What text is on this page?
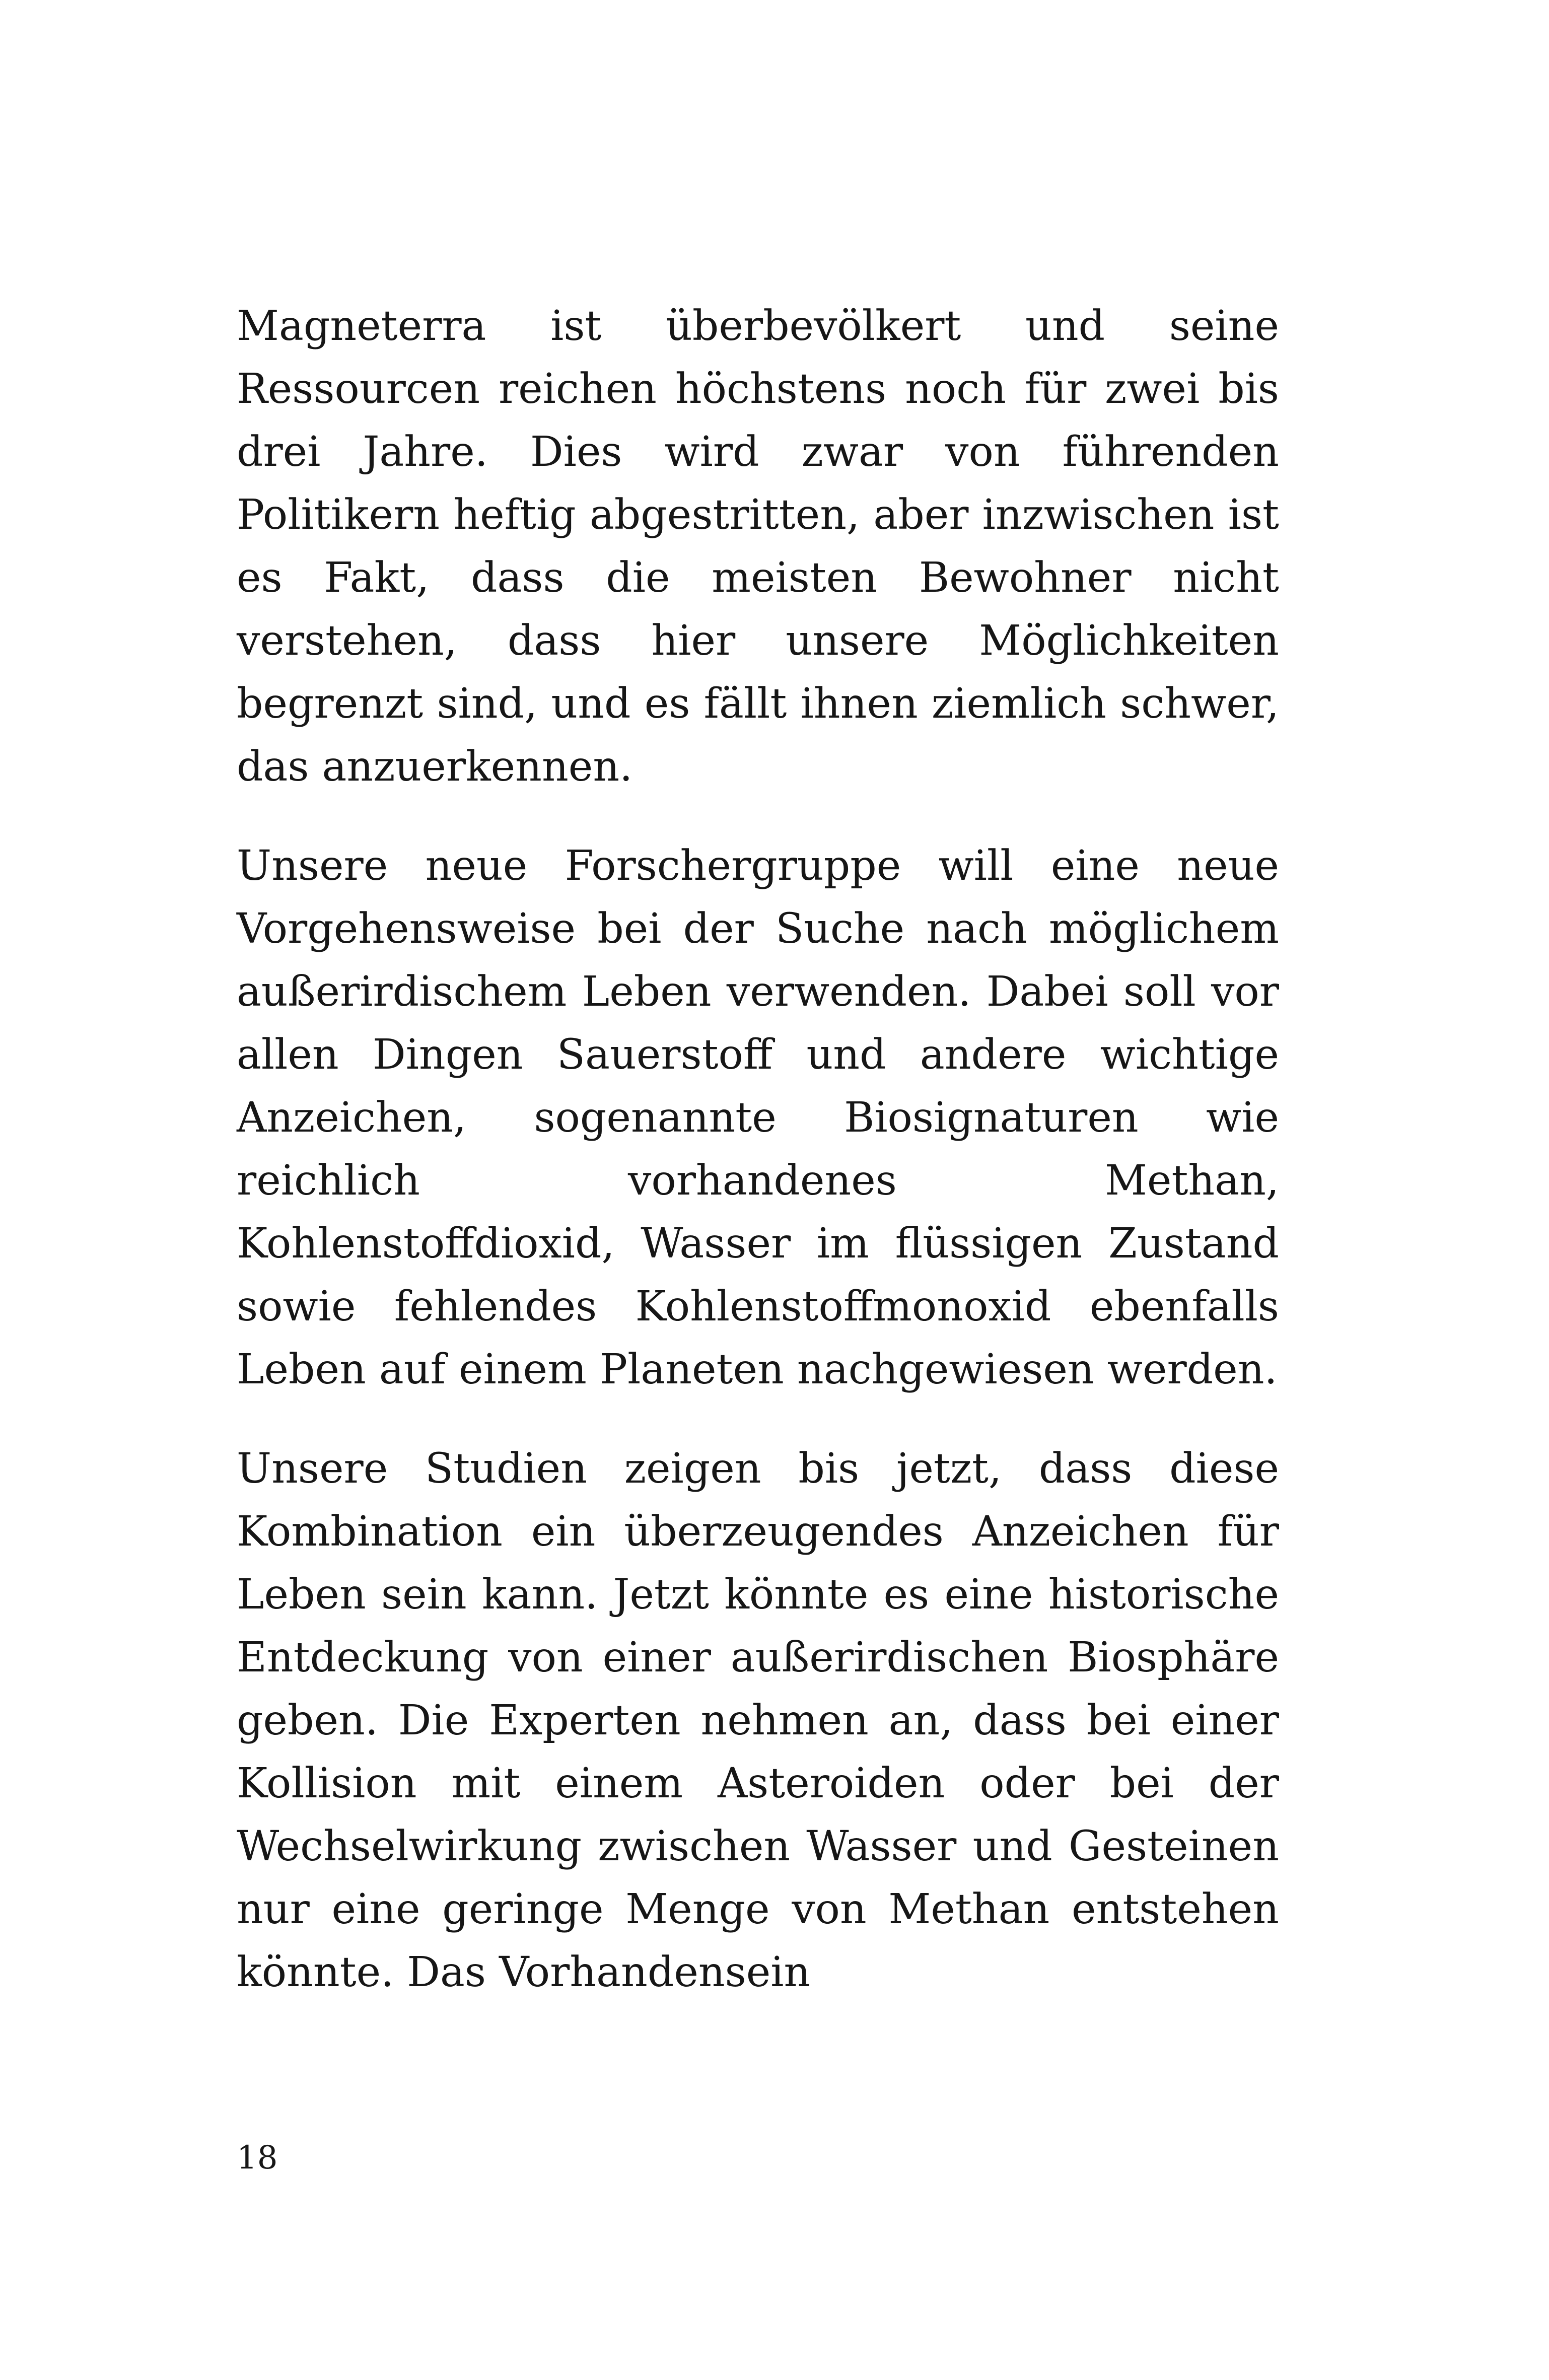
Magneterra ist überbevölkert und seine Ressourcen reichen höchstens noch für zwei bis drei Jahre. Dies wird zwar von führenden Politikern heftig abgestritten, aber inzwischen ist es Fakt, dass die meisten Bewohner nicht verstehen, dass hier unsere Möglichkeiten begrenzt sind, und es fällt ihnen ziemlich schwer, das anzuerkennen.

Unsere neue Forschergruppe will eine neue Vorgehensweise bei der Suche nach möglichem außerirdischem Leben verwenden. Dabei soll vor allen Dingen Sauerstoff und andere wichtige Anzeichen, sogenannte Biosignaturen wie reichlich vorhandenes Methan, Kohlenstoffdioxid, Wasser im flüssigen Zustand sowie fehlendes Kohlenstoffmonoxid ebenfalls Leben auf einem Planeten nachgewiesen werden.

Unsere Studien zeigen bis jetzt, dass diese Kombination ein überzeugendes Anzeichen für Leben sein kann. Jetzt könnte es eine historische Entdeckung von einer außerirdischen Biosphäre geben. Die Experten nehmen an, dass bei einer Kollision mit einem Asteroiden oder bei der Wechselwirkung zwischen Wasser und Gesteinen nur eine geringe Menge von Methan entstehen könnte. Das Vorhandensein

18
